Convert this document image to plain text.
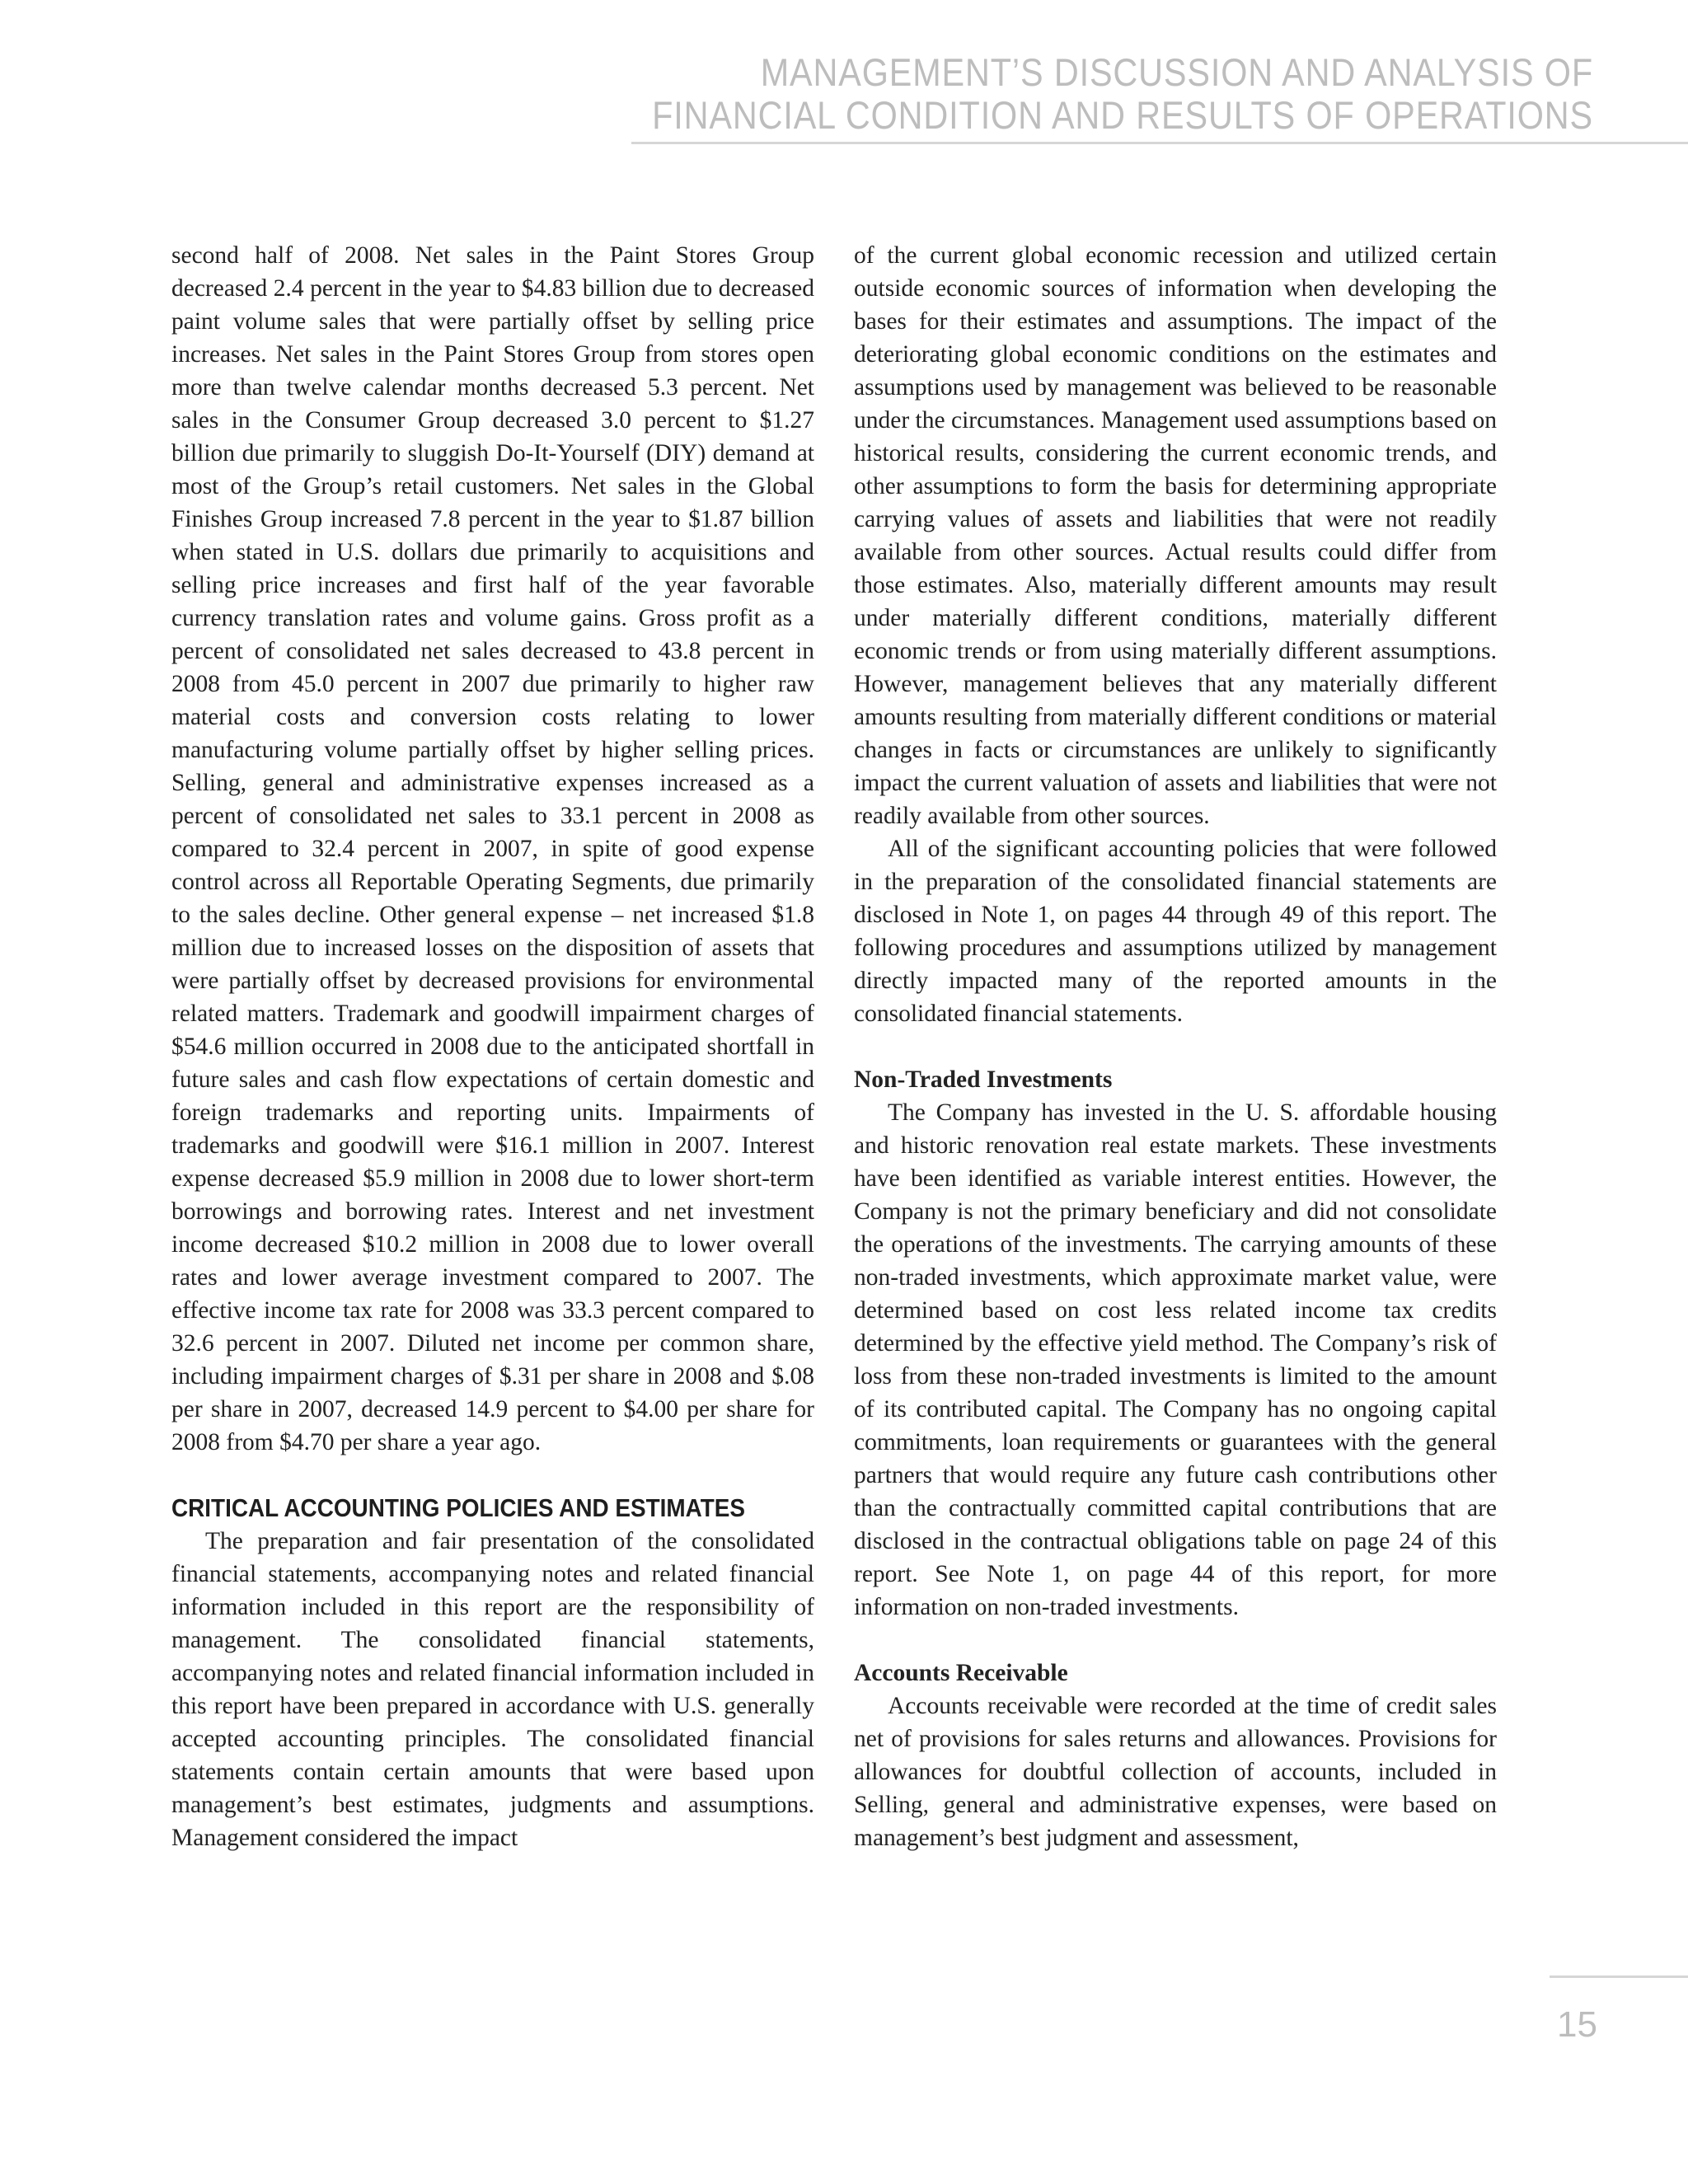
MANAGEMENT’S DISCUSSION AND ANALYSIS OF
FINANCIAL CONDITION AND RESULTS OF OPERATIONS

second half of 2008. Net sales in the Paint Stores Group decreased 2.4 percent in the year to $4.83 billion due to decreased paint volume sales that were partially offset by selling price increases. Net sales in the Paint Stores Group from stores open more than twelve calendar months decreased 5.3 percent. Net sales in the Consumer Group decreased 3.0 percent to $1.27 billion due primarily to sluggish Do-It-Yourself (DIY) demand at most of the Group’s retail customers. Net sales in the Global Finishes Group increased 7.8 percent in the year to $1.87 billion when stated in U.S. dollars due primarily to acquisitions and selling price increases and first half of the year favorable currency translation rates and volume gains. Gross profit as a percent of consolidated net sales decreased to 43.8 percent in 2008 from 45.0 percent in 2007 due primarily to higher raw material costs and conversion costs relating to lower manufacturing volume partially offset by higher selling prices. Selling, general and administrative expenses increased as a percent of consolidated net sales to 33.1 percent in 2008 as compared to 32.4 percent in 2007, in spite of good expense control across all Reportable Operating Segments, due primarily to the sales decline. Other general expense – net increased $1.8 million due to increased losses on the disposition of assets that were partially offset by decreased provisions for environmental related matters. Trademark and goodwill impairment charges of $54.6 million occurred in 2008 due to the anticipated shortfall in future sales and cash flow expectations of certain domestic and foreign trademarks and reporting units. Impairments of trademarks and goodwill were $16.1 million in 2007. Interest expense decreased $5.9 million in 2008 due to lower short-term borrowings and borrowing rates. Interest and net investment income decreased $10.2 million in 2008 due to lower overall rates and lower average investment compared to 2007. The effective income tax rate for 2008 was 33.3 percent compared to 32.6 percent in 2007. Diluted net income per common share, including impairment charges of $.31 per share in 2008 and $.08 per share in 2007, decreased 14.9 percent to $4.00 per share for 2008 from $4.70 per share a year ago.

CRITICAL ACCOUNTING POLICIES AND ESTIMATES

The preparation and fair presentation of the consolidated financial statements, accompanying notes and related financial information included in this report are the responsibility of management. The consolidated financial statements, accompanying notes and related financial information included in this report have been prepared in accordance with U.S. generally accepted accounting principles. The consolidated financial statements contain certain amounts that were based upon management’s best estimates, judgments and assumptions. Management considered the impact

of the current global economic recession and utilized certain outside economic sources of information when developing the bases for their estimates and assumptions. The impact of the deteriorating global economic conditions on the estimates and assumptions used by management was believed to be reasonable under the circumstances. Management used assumptions based on historical results, considering the current economic trends, and other assumptions to form the basis for determining appropriate carrying values of assets and liabilities that were not readily available from other sources. Actual results could differ from those estimates. Also, materially different amounts may result under materially different conditions, materially different economic trends or from using materially different assumptions. However, management believes that any materially different amounts resulting from materially different conditions or material changes in facts or circumstances are unlikely to significantly impact the current valuation of assets and liabilities that were not readily available from other sources.

All of the significant accounting policies that were followed in the preparation of the consolidated financial statements are disclosed in Note 1, on pages 44 through 49 of this report. The following procedures and assumptions utilized by management directly impacted many of the reported amounts in the consolidated financial statements.

Non-Traded Investments

The Company has invested in the U. S. affordable housing and historic renovation real estate markets. These investments have been identified as variable interest entities. However, the Company is not the primary beneficiary and did not consolidate the operations of the investments. The carrying amounts of these non-traded investments, which approximate market value, were determined based on cost less related income tax credits determined by the effective yield method. The Company’s risk of loss from these non-traded investments is limited to the amount of its contributed capital. The Company has no ongoing capital commitments, loan requirements or guarantees with the general partners that would require any future cash contributions other than the contractually committed capital contributions that are disclosed in the contractual obligations table on page 24 of this report. See Note 1, on page 44 of this report, for more information on non-traded investments.

Accounts Receivable

Accounts receivable were recorded at the time of credit sales net of provisions for sales returns and allowances. Provisions for allowances for doubtful collection of accounts, included in Selling, general and administrative expenses, were based on management’s best judgment and assessment,

15
